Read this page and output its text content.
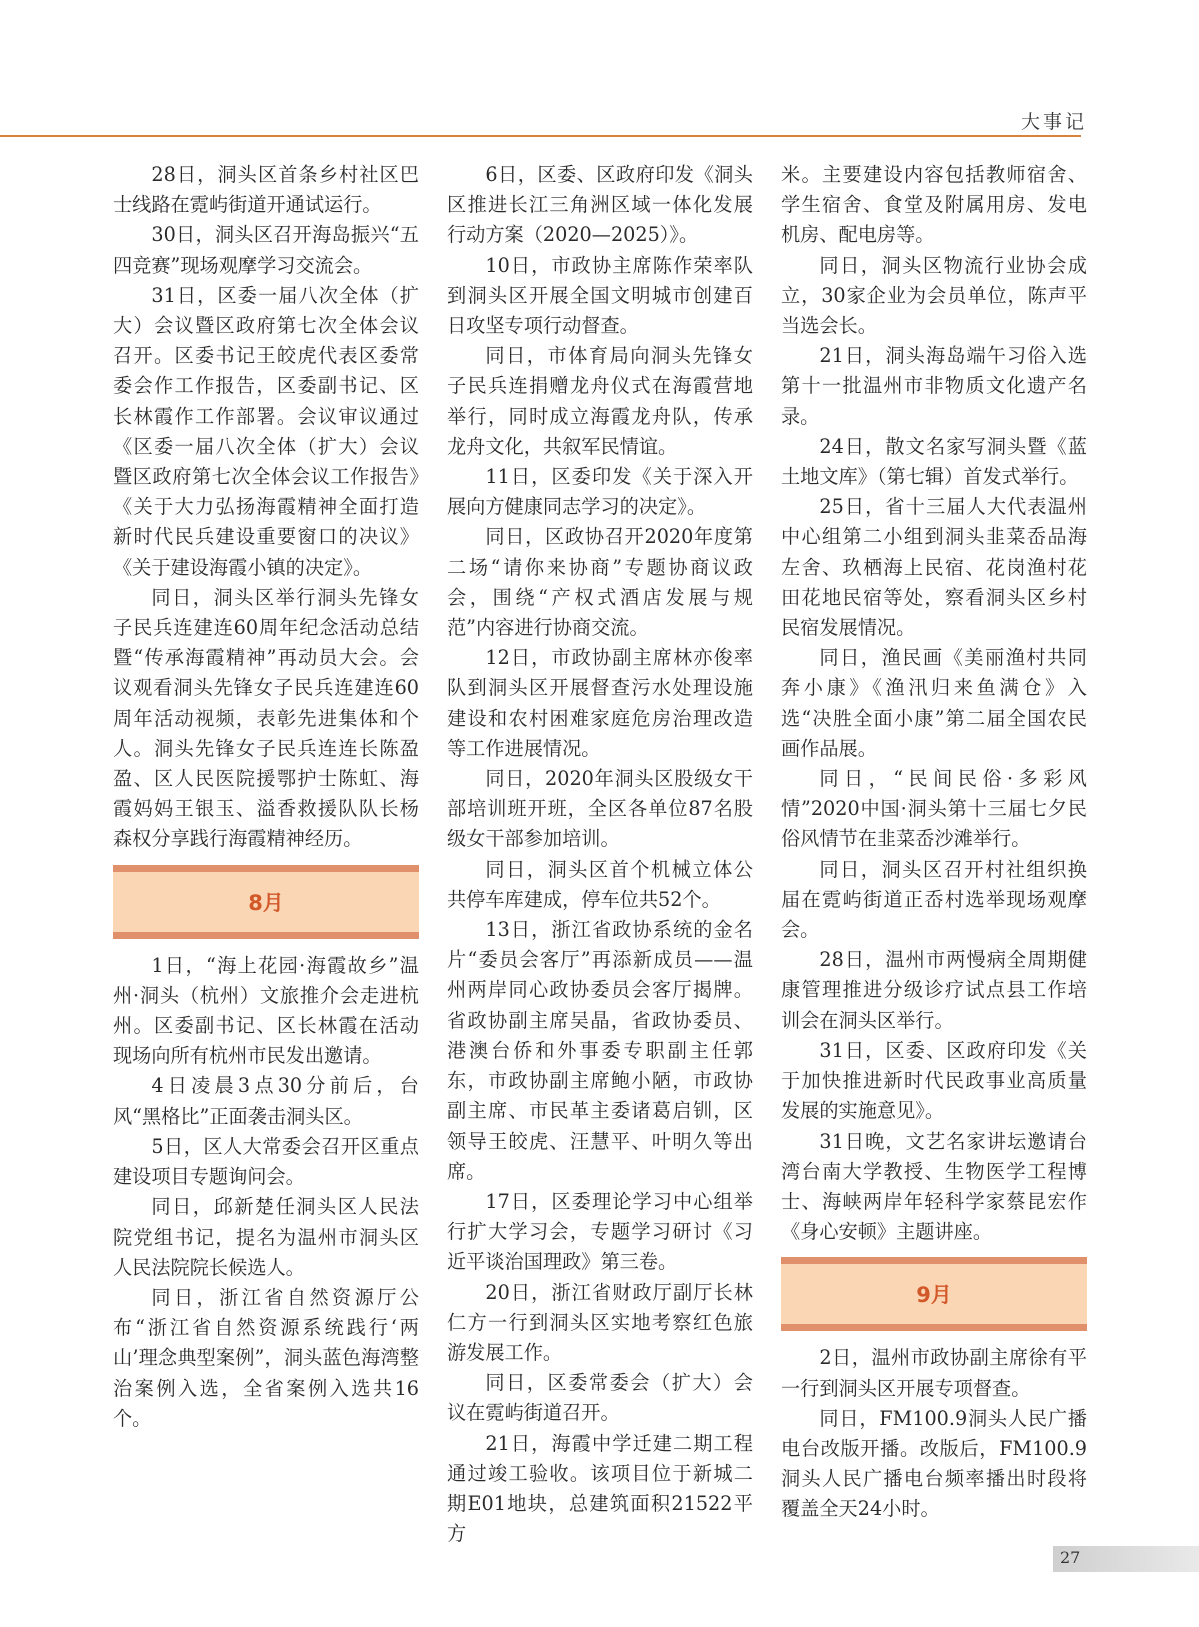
大事记

28日，洞头区首条乡村社区巴士线路在霓屿街道开通试运行。

30日，洞头区召开海岛振兴“五四竞赛”现场观摩学习交流会。

31日，区委一届八次全体（扩大）会议暨区政府第七次全体会议召开。区委书记王皎虎代表区委常委会作工作报告，区委副书记、区长林霞作工作部署。会议审议通过《区委一届八次全体（扩大）会议暨区政府第七次全体会议工作报告》《关于大力弘扬海霞精神全面打造新时代民兵建设重要窗口的决议》《关于建设海霞小镇的决定》。

同日，洞头区举行洞头先锋女子民兵连建连60周年纪念活动总结暨“传承海霞精神”再动员大会。会议观看洞头先锋女子民兵连建连60周年活动视频，表彰先进集体和个人。洞头先锋女子民兵连连长陈盈盈、区人民医院援鄂护士陈虹、海霞妈妈王银玉、溢香救援队队长杨森权分享践行海霞精神经历。

8月

1日，“海上花园·海霞故乡”温州·洞头（杭州）文旅推介会走进杭州。区委副书记、区长林霞在活动现场向所有杭州市民发出邀请。

4日凌晨3点30分前后，台风“黑格比”正面袭击洞头区。

5日，区人大常委会召开区重点建设项目专题询问会。

同日，邱新楚任洞头区人民法院党组书记，提名为温州市洞头区人民法院院长候选人。

同日，浙江省自然资源厅公布“浙江省自然资源系统践行‘两山’理念典型案例”，洞头蓝色海湾整治案例入选，全省案例入选共16个。

6日，区委、区政府印发《洞头区推进长江三角洲区域一体化发展行动方案（2020—2025）》。

10日，市政协主席陈作荣率队到洞头区开展全国文明城市创建百日攻坚专项行动督查。

同日，市体育局向洞头先锋女子民兵连捐赠龙舟仪式在海霞营地举行，同时成立海霞龙舟队，传承龙舟文化，共叙军民情谊。

11日，区委印发《关于深入开展向方健康同志学习的决定》。

同日，区政协召开2020年度第二场“请你来协商”专题协商议政会，围绕“产权式酒店发展与规范”内容进行协商交流。

12日，市政协副主席林亦俊率队到洞头区开展督查污水处理设施建设和农村困难家庭危房治理改造等工作进展情况。

同日，2020年洞头区股级女干部培训班开班，全区各单位87名股级女干部参加培训。

同日，洞头区首个机械立体公共停车库建成，停车位共52个。

13日，浙江省政协系统的金名片“委员会客厅”再添新成员——温州两岸同心政协委员会客厅揭牌。省政协副主席吴晶，省政协委员、港澳台侨和外事委专职副主任郭东，市政协副主席鲍小陋，市政协副主席、市民革主委诸葛启钏，区领导王皎虎、汪慧平、叶明久等出席。

17日，区委理论学习中心组举行扩大学习会，专题学习研讨《习近平谈治国理政》第三卷。

20日，浙江省财政厅副厅长林仁方一行到洞头区实地考察红色旅游发展工作。

同日，区委常委会（扩大）会议在霓屿街道召开。

21日，海霞中学迁建二期工程通过竣工验收。该项目位于新城二期E01地块，总建筑面积21522平方

米。主要建设内容包括教师宿舍、学生宿舍、食堂及附属用房、发电机房、配电房等。

同日，洞头区物流行业协会成立，30家企业为会员单位，陈声平当选会长。

21日，洞头海岛端午习俗入选第十一批温州市非物质文化遗产名录。

24日，散文名家写洞头暨《蓝土地文库》（第七辑）首发式举行。

25日，省十三届人大代表温州中心组第二小组到洞头韭菜岙品海左舍、玖栖海上民宿、花岗渔村花田花地民宿等处，察看洞头区乡村民宿发展情况。

同日，渔民画《美丽渔村共同奔小康》《渔汛归来鱼满仓》入选“决胜全面小康”第二届全国农民画作品展。

同日，“民间民俗·多彩风情”2020中国·洞头第十三届七夕民俗风情节在韭菜岙沙滩举行。

同日，洞头区召开村社组织换届在霓屿街道正岙村选举现场观摩会。

28日，温州市两慢病全周期健康管理推进分级诊疗试点县工作培训会在洞头区举行。

31日，区委、区政府印发《关于加快推进新时代民政事业高质量发展的实施意见》。

31日晚，文艺名家讲坛邀请台湾台南大学教授、生物医学工程博士、海峡两岸年轻科学家蔡昆宏作《身心安顿》主题讲座。

9月

2日，温州市政协副主席徐有平一行到洞头区开展专项督查。

同日，FM100.9洞头人民广播电台改版开播。改版后，FM100.9洞头人民广播电台频率播出时段将覆盖全天24小时。

27
